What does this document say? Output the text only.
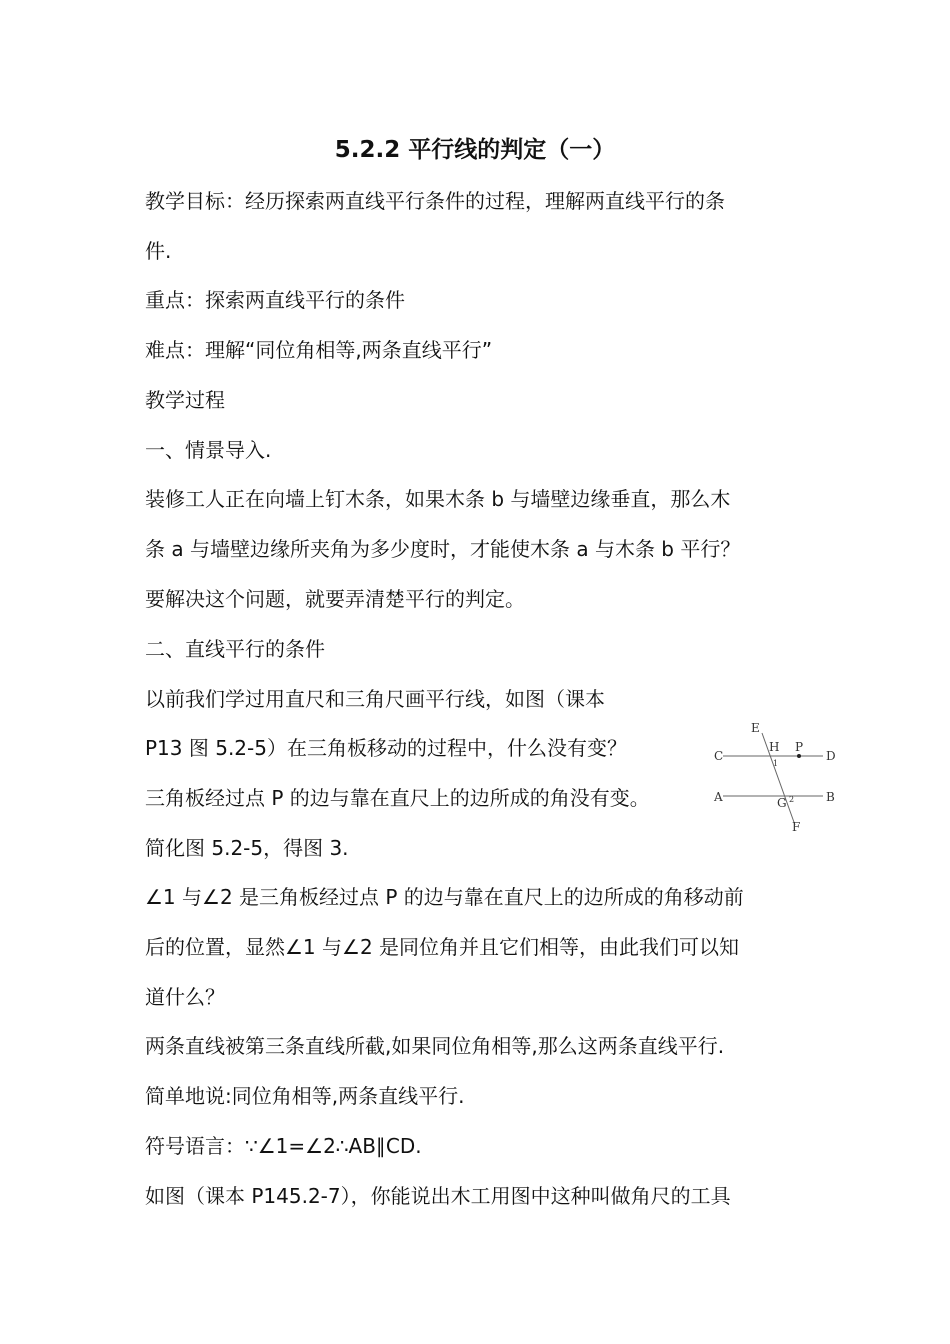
5.2.2 平行线的判定（一）
教学目标：经历探索两直线平行条件的过程，理解两直线平行的条
件.
重点：探索两直线平行的条件
难点：理解“同位角相等,两条直线平行”
教学过程
一、情景导入.
装修工人正在向墙上钉木条，如果木条 b 与墙壁边缘垂直，那么木
条 a 与墙壁边缘所夹角为多少度时，才能使木条 a 与木条 b 平行？
要解决这个问题，就要弄清楚平行的判定。
二、直线平行的条件
以前我们学过用直尺和三角尺画平行线，如图（课本
P13 图 5.2-5）在三角板移动的过程中，什么没有变？
三角板经过点 P 的边与靠在直尺上的边所成的角没有变。
简化图 5.2-5，得图 3.
∠1 与∠2 是三角板经过点 P 的边与靠在直尺上的边所成的角移动前
后的位置，显然∠1 与∠2 是同位角并且它们相等，由此我们可以知
道什么？
两条直线被第三条直线所截,如果同位角相等,那么这两条直线平行.
简单地说:同位角相等,两条直线平行.
符号语言：∵∠1=∠2∴AB∥CD.
如图（课本 P145.2-7），你能说出木工用图中这种叫做角尺的工具
E
H P
C	D
1
A	G 2	B
F
